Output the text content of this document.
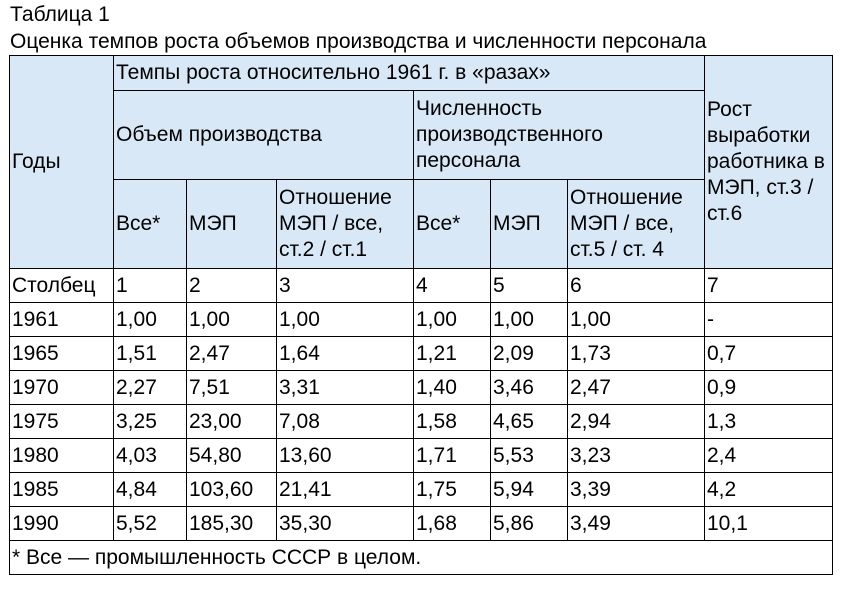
Таблица 1
Оценка темпов роста объемов производства и численности персонала
Годы	Темпы роста относительно 1961 г. в «разах»						Рост выработки работника в МЭП, ст.3 / ст.6
	Объем производства			Численность производственного персонала			
	Все*	МЭП	Отношение МЭП / все, ст.2 / ст.1	Все*	МЭП	Отношение МЭП / все, ст.5 / ст. 4	
Столбец	1	2	3	4	5	6	7
1961	1,00	1,00	1,00	1,00	1,00	1,00	-
1965	1,51	2,47	1,64	1,21	2,09	1,73	0,7
1970	2,27	7,51	3,31	1,40	3,46	2,47	0,9
1975	3,25	23,00	7,08	1,58	4,65	2,94	1,3
1980	4,03	54,80	13,60	1,71	5,53	3,23	2,4
1985	4,84	103,60	21,41	1,75	5,94	3,39	4,2
1990	5,52	185,30	35,30	1,68	5,86	3,49	10,1
* Все — промышленность СССР в целом.							
